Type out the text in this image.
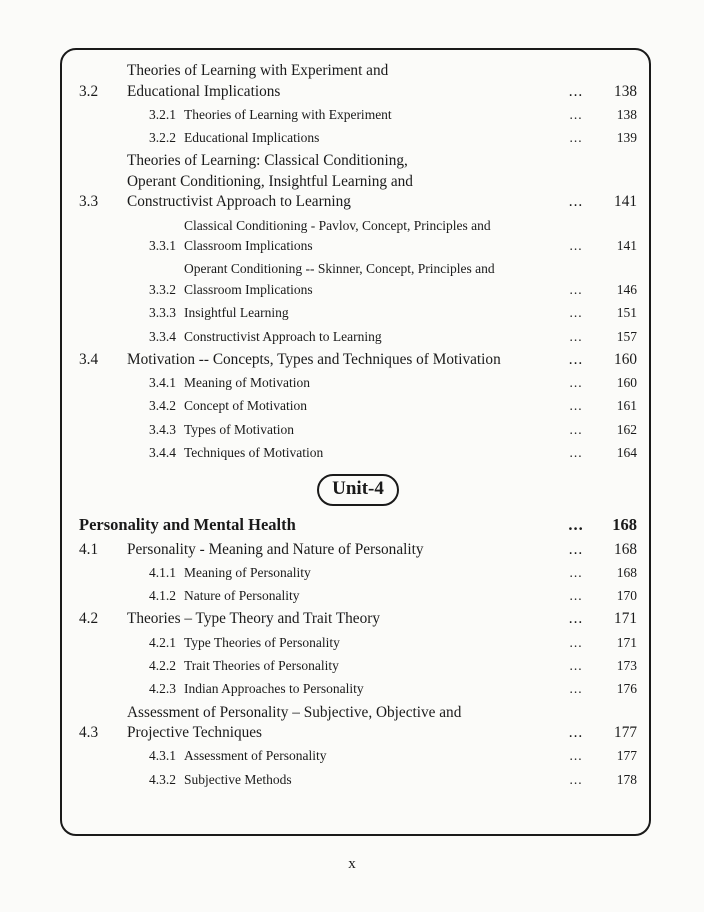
3.2
Theories of Learning with Experiment and
Educational Implications	...	138
3.2.1 Theories of Learning with Experiment	...	138
3.2.2 Educational Implications	...	139
3.3
Theories of Learning: Classical Conditioning,
Operant Conditioning, Insightful Learning and
Constructivist Approach to Learning	...	141
3.3.1
Classical Conditioning - Pavlov, Concept, Principles and
Classroom Implications	...	141
3.3.2
Operant Conditioning -- Skinner, Concept, Principles and
Classroom Implications	...	146
3.3.3 Insightful Learning	...	151
3.3.4 Constructivist Approach to Learning	...	157
3.4	Motivation -- Concepts, Types and Techniques of Motivation	...	160
3.4.1 Meaning of Motivation	...	160
3.4.2 Concept of Motivation	...	161
3.4.3 Types of Motivation	...	162
3.4.4 Techniques of Motivation	...	164
Unit-4
Personality and Mental Health	...	168
4.1	Personality - Meaning and Nature of Personality	...	168
4.1.1 Meaning of Personality	...	168
4.1.2 Nature of Personality	...	170
4.2	Theories – Type Theory and Trait Theory	...	171
4.2.1 Type Theories of Personality	...	171
4.2.2 Trait Theories of Personality	...	173
4.2.3 Indian Approaches to Personality	...	176
4.3
Assessment of Personality – Subjective, Objective and
Projective Techniques	...	177
4.3.1 Assessment of Personality	...	177
4.3.2 Subjective Methods	...	178
x
